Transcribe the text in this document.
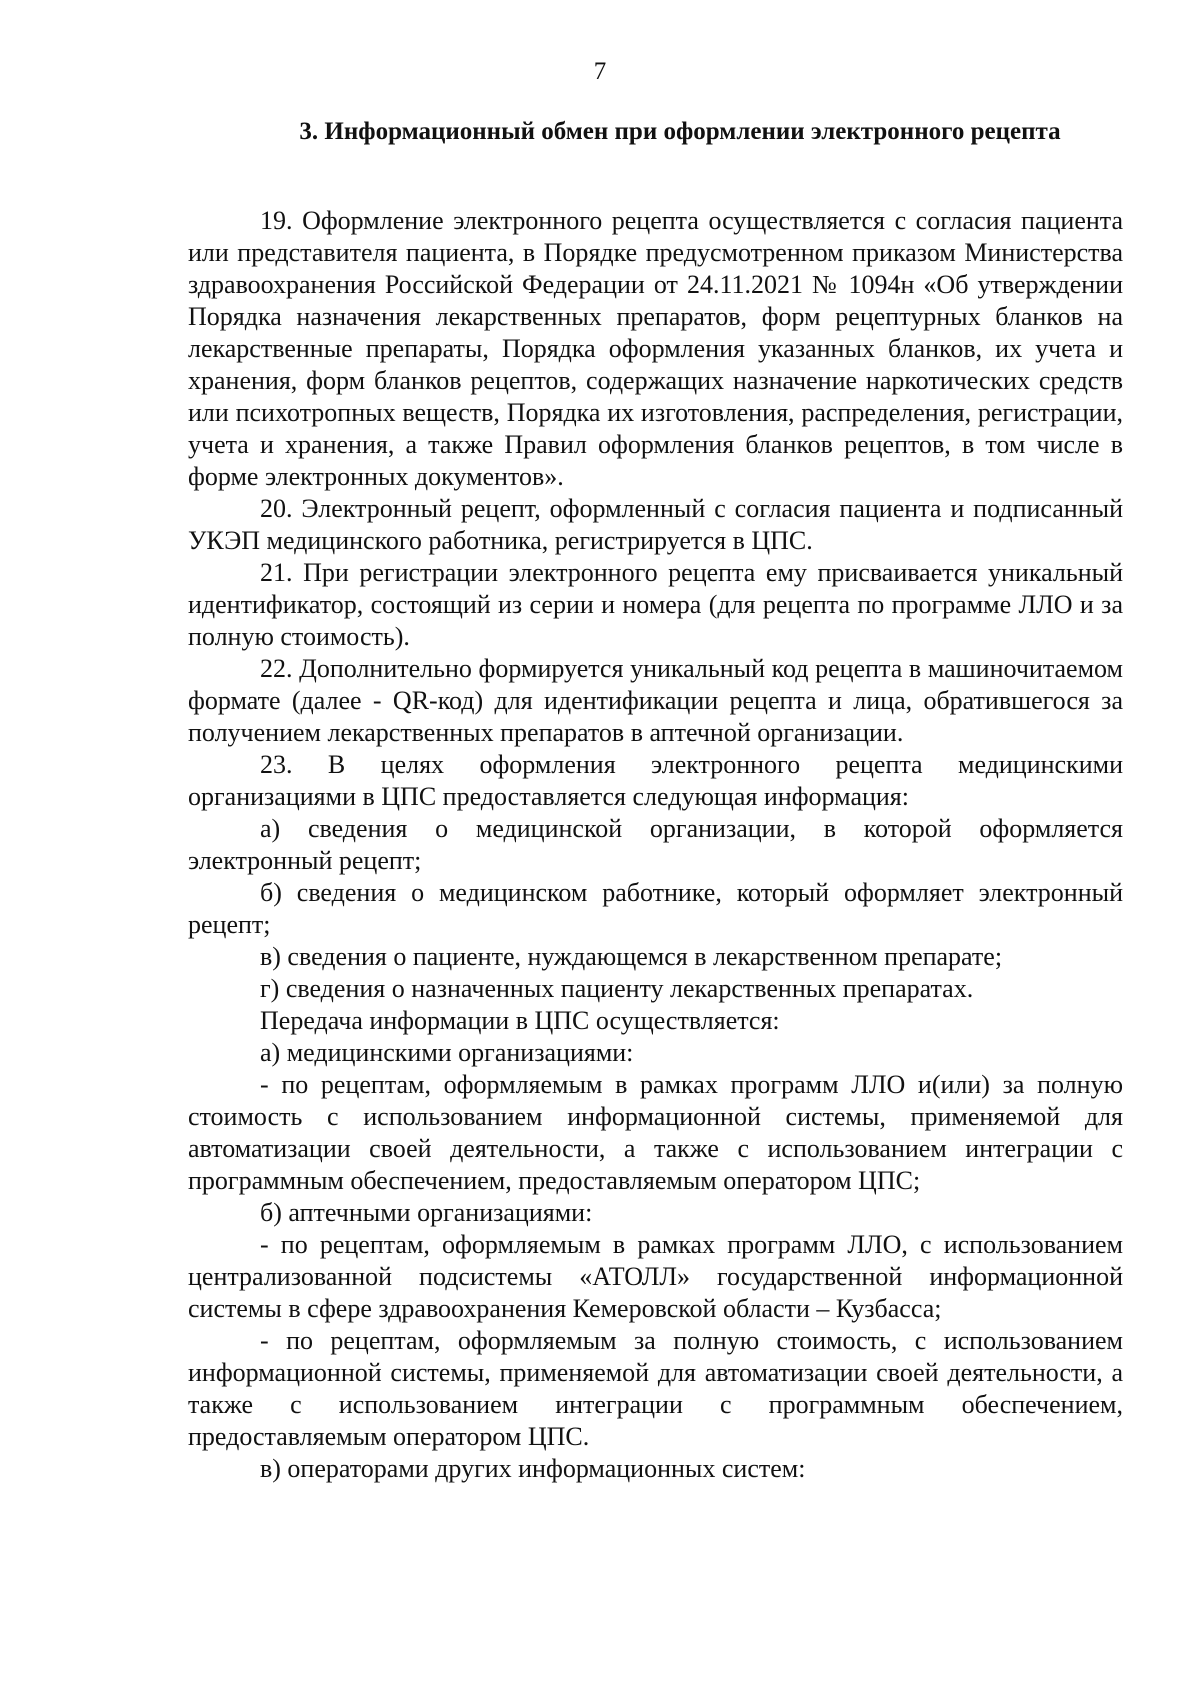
7
3. Информационный обмен при оформлении электронного рецепта

19. Оформление электронного рецепта осуществляется с согласия пациента или представителя пациента, в Порядке предусмотренном приказом Министерства здравоохранения Российской Федерации от 24.11.2021 № 1094н «Об утверждении Порядка назначения лекарственных препаратов, форм рецептурных бланков на лекарственные препараты, Порядка оформления указанных бланков, их учета и хранения, форм бланков рецептов, содержащих назначение наркотических средств или психотропных веществ, Порядка их изготовления, распределения, регистрации, учета и хранения, а также Правил оформления бланков рецептов, в том числе в форме электронных документов».

20. Электронный рецепт, оформленный с согласия пациента и подписанный УКЭП медицинского работника, регистрируется в ЦПС.

21. При регистрации электронного рецепта ему присваивается уникальный идентификатор, состоящий из серии и номера (для рецепта по программе ЛЛО и за полную стоимость).

22. Дополнительно формируется уникальный код рецепта в машиночитаемом формате (далее - QR-код) для идентификации рецепта и лица, обратившегося за получением лекарственных препаратов в аптечной организации.

23. В целях оформления электронного рецепта медицинскими организациями в ЦПС предоставляется следующая информация:

а) сведения о медицинской организации, в которой оформляется электронный рецепт;

б) сведения о медицинском работнике, который оформляет электронный рецепт;

в) сведения о пациенте, нуждающемся в лекарственном препарате;

г) сведения о назначенных пациенту лекарственных препаратах.

Передача информации в ЦПС осуществляется:

а) медицинскими организациями:

- по рецептам, оформляемым в рамках программ ЛЛО и(или) за полную стоимость с использованием информационной системы, применяемой для автоматизации своей деятельности, а также с использованием интеграции с программным обеспечением, предоставляемым оператором ЦПС;

б) аптечными организациями:

- по рецептам, оформляемым в рамках программ ЛЛО, с использованием централизованной подсистемы «АТОЛЛ» государственной информационной системы в сфере здравоохранения Кемеровской области – Кузбасса;

- по рецептам, оформляемым за полную стоимость, с использованием информационной системы, применяемой для автоматизации своей деятельности, а также с использованием интеграции с программным обеспечением, предоставляемым оператором ЦПС.

в) операторами других информационных систем:
